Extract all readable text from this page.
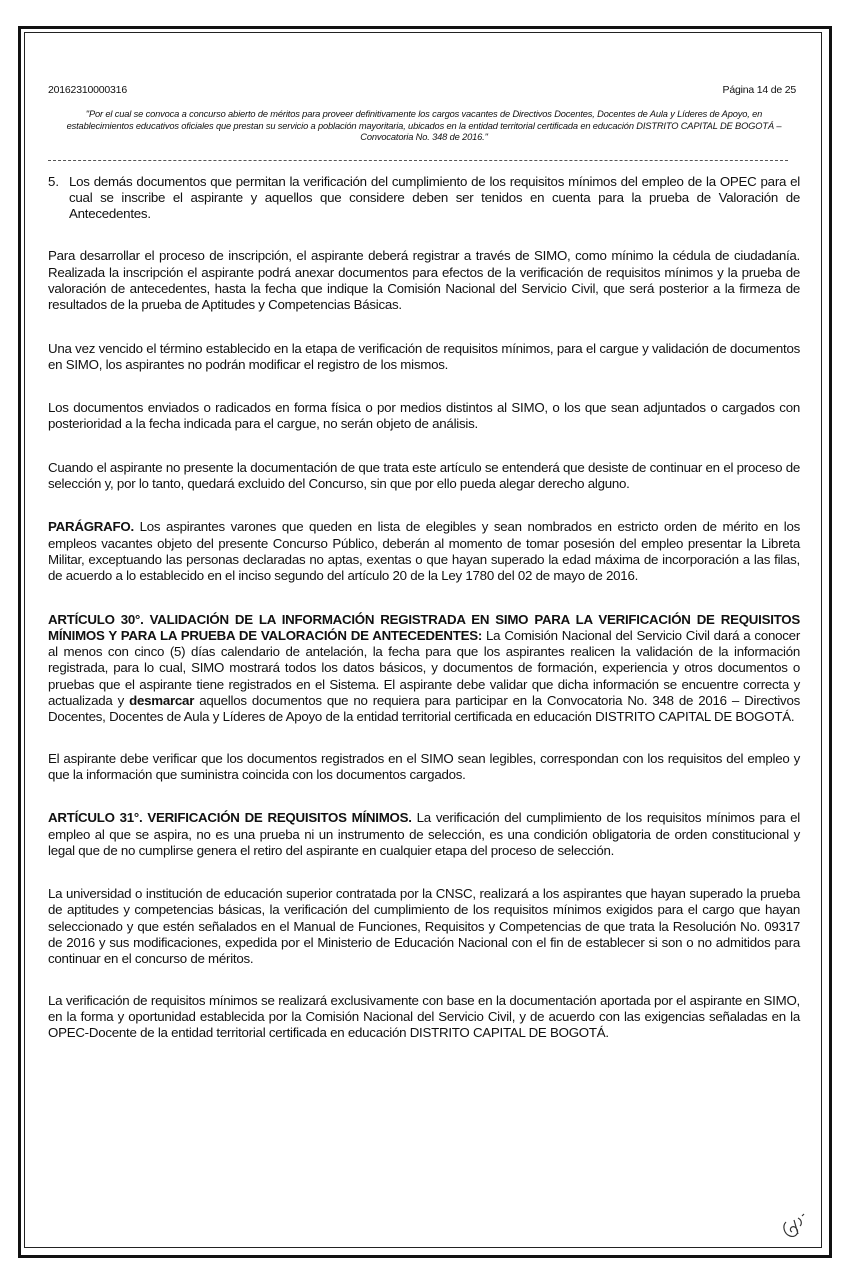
20162310000316	Página 14 de 25
"Por el cual se convoca a concurso abierto de méritos para proveer definitivamente los cargos vacantes de Directivos Docentes, Docentes de Aula y Líderes de Apoyo, en establecimientos educativos oficiales que prestan su servicio a población mayoritaria, ubicados en la entidad territorial certificada en educación DISTRITO CAPITAL DE BOGOTÁ – Convocatoria No. 348 de 2016."
5. Los demás documentos que permitan la verificación del cumplimiento de los requisitos mínimos del empleo de la OPEC para el cual se inscribe el aspirante y aquellos que considere deben ser tenidos en cuenta para la prueba de Valoración de Antecedentes.

Para desarrollar el proceso de inscripción, el aspirante deberá registrar a través de SIMO, como mínimo la cédula de ciudadanía. Realizada la inscripción el aspirante podrá anexar documentos para efectos de la verificación de requisitos mínimos y la prueba de valoración de antecedentes, hasta la fecha que indique la Comisión Nacional del Servicio Civil, que será posterior a la firmeza de resultados de la prueba de Aptitudes y Competencias Básicas.

Una vez vencido el término establecido en la etapa de verificación de requisitos mínimos, para el cargue y validación de documentos en SIMO, los aspirantes no podrán modificar el registro de los mismos.

Los documentos enviados o radicados en forma física o por medios distintos al SIMO, o los que sean adjuntados o cargados con posterioridad a la fecha indicada para el cargue, no serán objeto de análisis.

Cuando el aspirante no presente la documentación de que trata este artículo se entenderá que desiste de continuar en el proceso de selección y, por lo tanto, quedará excluido del Concurso, sin que por ello pueda alegar derecho alguno.

PARÁGRAFO. Los aspirantes varones que queden en lista de elegibles y sean nombrados en estricto orden de mérito en los empleos vacantes objeto del presente Concurso Público, deberán al momento de tomar posesión del empleo presentar la Libreta Militar, exceptuando las personas declaradas no aptas, exentas o que hayan superado la edad máxima de incorporación a las filas, de acuerdo a lo establecido en el inciso segundo del artículo 20 de la Ley 1780 del 02 de mayo de 2016.

ARTÍCULO 30°. VALIDACIÓN DE LA INFORMACIÓN REGISTRADA EN SIMO PARA LA VERIFICACIÓN DE REQUISITOS MÍNIMOS Y PARA LA PRUEBA DE VALORACIÓN DE ANTECEDENTES: La Comisión Nacional del Servicio Civil dará a conocer al menos con cinco (5) días calendario de antelación, la fecha para que los aspirantes realicen la validación de la información registrada, para lo cual, SIMO mostrará todos los datos básicos, y documentos de formación, experiencia y otros documentos o pruebas que el aspirante tiene registrados en el Sistema. El aspirante debe validar que dicha información se encuentre correcta y actualizada y desmarcar aquellos documentos que no requiera para participar en la Convocatoria No. 348 de 2016 – Directivos Docentes, Docentes de Aula y Líderes de Apoyo de la entidad territorial certificada en educación DISTRITO CAPITAL DE BOGOTÁ.

El aspirante debe verificar que los documentos registrados en el SIMO sean legibles, correspondan con los requisitos del empleo y que la información que suministra coincida con los documentos cargados.

ARTÍCULO 31°. VERIFICACIÓN DE REQUISITOS MÍNIMOS. La verificación del cumplimiento de los requisitos mínimos para el empleo al que se aspira, no es una prueba ni un instrumento de selección, es una condición obligatoria de orden constitucional y legal que de no cumplirse genera el retiro del aspirante en cualquier etapa del proceso de selección.

La universidad o institución de educación superior contratada por la CNSC, realizará a los aspirantes que hayan superado la prueba de aptitudes y competencias básicas, la verificación del cumplimiento de los requisitos mínimos exigidos para el cargo que hayan seleccionado y que estén señalados en el Manual de Funciones, Requisitos y Competencias de que trata la Resolución No. 09317 de 2016 y sus modificaciones, expedida por el Ministerio de Educación Nacional con el fin de establecer si son o no admitidos para continuar en el concurso de méritos.

La verificación de requisitos mínimos se realizará exclusivamente con base en la documentación aportada por el aspirante en SIMO, en la forma y oportunidad establecida por la Comisión Nacional del Servicio Civil, y de acuerdo con las exigencias señaladas en la OPEC-Docente de la entidad territorial certificada en educación DISTRITO CAPITAL DE BOGOTÁ.
